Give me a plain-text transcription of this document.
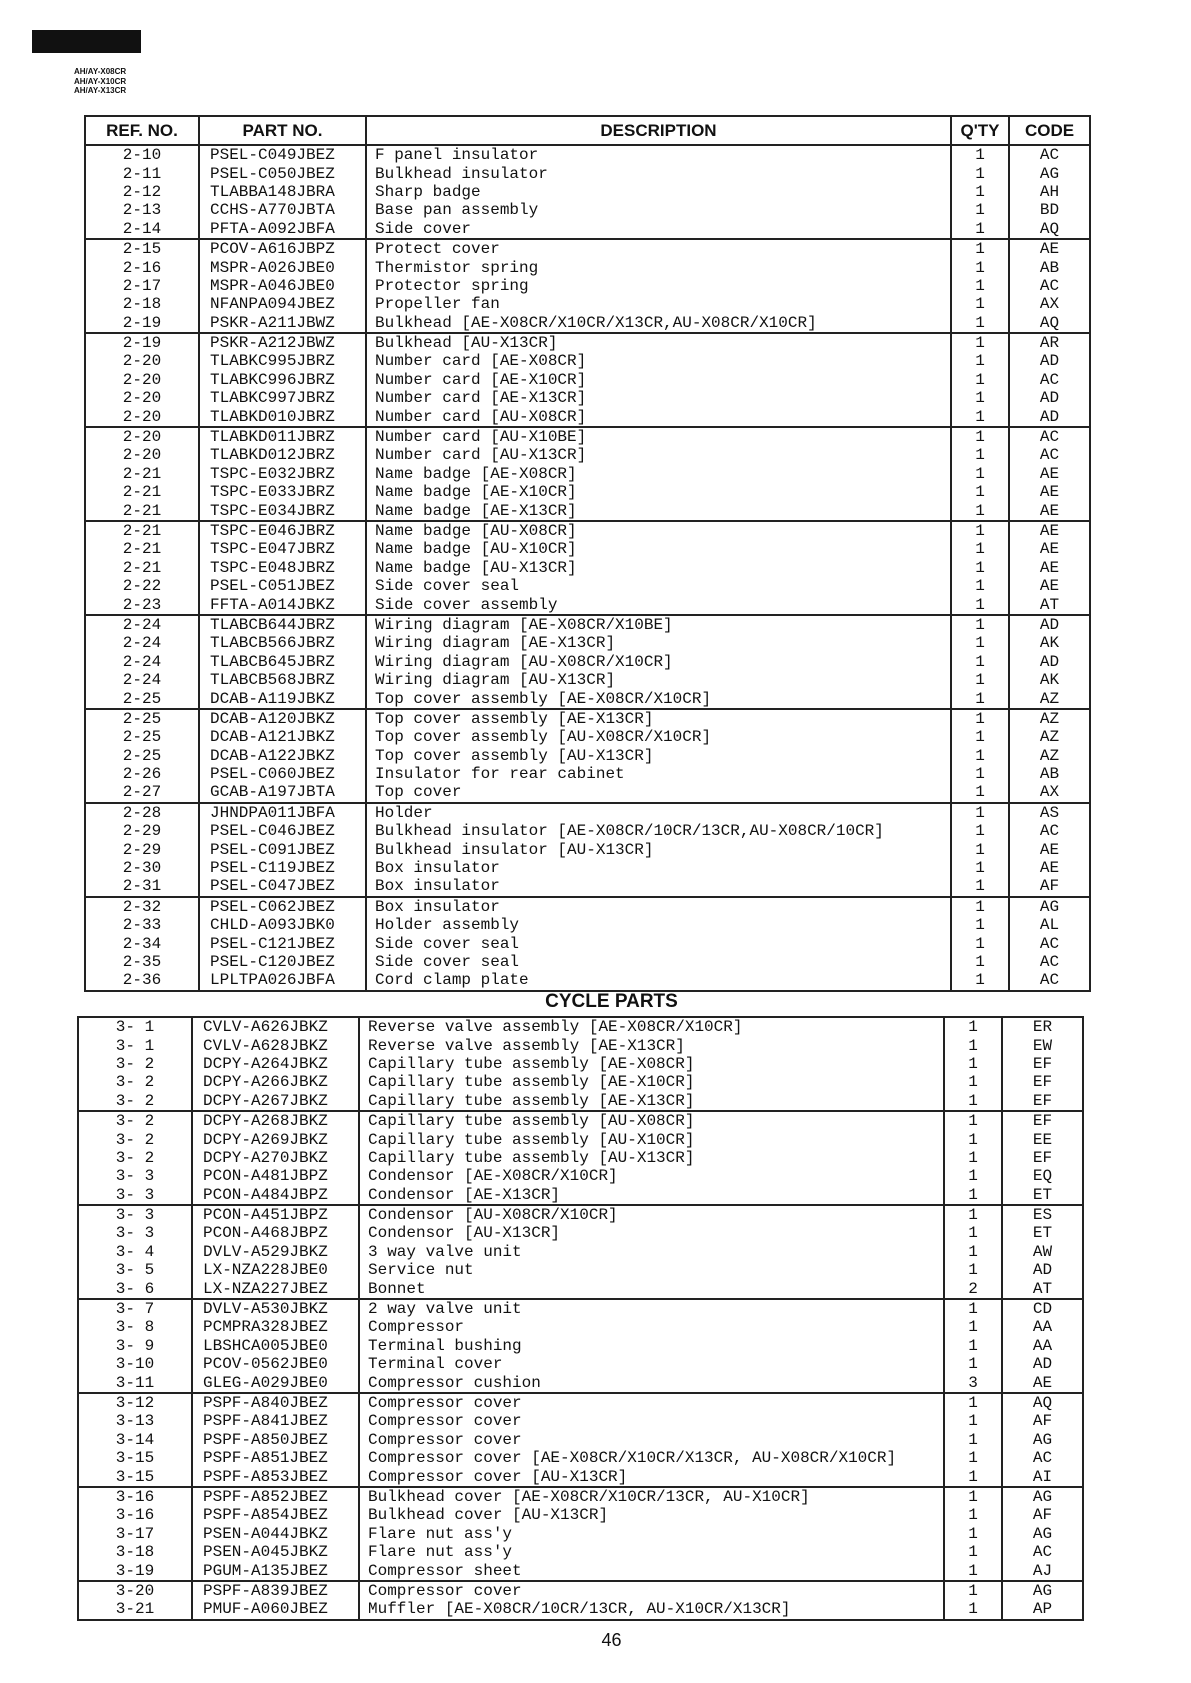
AH/AY-X08CR
AH/AY-X10CR
AH/AY-X13CR
REF. NO.	PART NO.	DESCRIPTION	Q'TY	CODE
2-10	PSEL-C049JBEZ	F panel insulator	1	AC
2-11	PSEL-C050JBEZ	Bulkhead insulator	1	AG
2-12	TLABBA148JBRA	Sharp badge	1	AH
2-13	CCHS-A770JBTA	Base pan assembly	1	BD
2-14	PFTA-A092JBFA	Side cover	1	AQ
2-15	PCOV-A616JBPZ	Protect cover	1	AE
2-16	MSPR-A026JBE0	Thermistor spring	1	AB
2-17	MSPR-A046JBE0	Protector spring	1	AC
2-18	NFANPA094JBEZ	Propeller fan	1	AX
2-19	PSKR-A211JBWZ	Bulkhead [AE-X08CR/X10CR/X13CR,AU-X08CR/X10CR]	1	AQ
2-19	PSKR-A212JBWZ	Bulkhead [AU-X13CR]	1	AR
2-20	TLABKC995JBRZ	Number card [AE-X08CR]	1	AD
2-20	TLABKC996JBRZ	Number card [AE-X10CR]	1	AC
2-20	TLABKC997JBRZ	Number card [AE-X13CR]	1	AD
2-20	TLABKD010JBRZ	Number card [AU-X08CR]	1	AD
2-20	TLABKD011JBRZ	Number card [AU-X10BE]	1	AC
2-20	TLABKD012JBRZ	Number card [AU-X13CR]	1	AC
2-21	TSPC-E032JBRZ	Name badge [AE-X08CR]	1	AE
2-21	TSPC-E033JBRZ	Name badge [AE-X10CR]	1	AE
2-21	TSPC-E034JBRZ	Name badge [AE-X13CR]	1	AE
2-21	TSPC-E046JBRZ	Name badge [AU-X08CR]	1	AE
2-21	TSPC-E047JBRZ	Name badge [AU-X10CR]	1	AE
2-21	TSPC-E048JBRZ	Name badge [AU-X13CR]	1	AE
2-22	PSEL-C051JBEZ	Side cover seal	1	AE
2-23	FFTA-A014JBKZ	Side cover assembly	1	AT
2-24	TLABCB644JBRZ	Wiring diagram [AE-X08CR/X10BE]	1	AD
2-24	TLABCB566JBRZ	Wiring diagram [AE-X13CR]	1	AK
2-24	TLABCB645JBRZ	Wiring diagram [AU-X08CR/X10CR]	1	AD
2-24	TLABCB568JBRZ	Wiring diagram [AU-X13CR]	1	AK
2-25	DCAB-A119JBKZ	Top cover assembly [AE-X08CR/X10CR]	1	AZ
2-25	DCAB-A120JBKZ	Top cover assembly [AE-X13CR]	1	AZ
2-25	DCAB-A121JBKZ	Top cover assembly [AU-X08CR/X10CR]	1	AZ
2-25	DCAB-A122JBKZ	Top cover assembly [AU-X13CR]	1	AZ
2-26	PSEL-C060JBEZ	Insulator for rear cabinet	1	AB
2-27	GCAB-A197JBTA	Top cover	1	AX
2-28	JHNDPA011JBFA	Holder	1	AS
2-29	PSEL-C046JBEZ	Bulkhead insulator [AE-X08CR/10CR/13CR,AU-X08CR/10CR]	1	AC
2-29	PSEL-C091JBEZ	Bulkhead insulator [AU-X13CR]	1	AE
2-30	PSEL-C119JBEZ	Box insulator	1	AE
2-31	PSEL-C047JBEZ	Box insulator	1	AF
2-32	PSEL-C062JBEZ	Box insulator	1	AG
2-33	CHLD-A093JBK0	Holder assembly	1	AL
2-34	PSEL-C121JBEZ	Side cover seal	1	AC
2-35	PSEL-C120JBEZ	Side cover seal	1	AC
2-36	LPLTPA026JBFA	Cord clamp plate	1	AC
CYCLE PARTS
3- 1	CVLV-A626JBKZ	Reverse valve assembly [AE-X08CR/X10CR]	1	ER
3- 1	CVLV-A628JBKZ	Reverse valve assembly [AE-X13CR]	1	EW
3- 2	DCPY-A264JBKZ	Capillary tube assembly [AE-X08CR]	1	EF
3- 2	DCPY-A266JBKZ	Capillary tube assembly [AE-X10CR]	1	EF
3- 2	DCPY-A267JBKZ	Capillary tube assembly [AE-X13CR]	1	EF
3- 2	DCPY-A268JBKZ	Capillary tube assembly [AU-X08CR]	1	EF
3- 2	DCPY-A269JBKZ	Capillary tube assembly [AU-X10CR]	1	EE
3- 2	DCPY-A270JBKZ	Capillary tube assembly [AU-X13CR]	1	EF
3- 3	PCON-A481JBPZ	Condensor [AE-X08CR/X10CR]	1	EQ
3- 3	PCON-A484JBPZ	Condensor [AE-X13CR]	1	ET
3- 3	PCON-A451JBPZ	Condensor [AU-X08CR/X10CR]	1	ES
3- 3	PCON-A468JBPZ	Condensor [AU-X13CR]	1	ET
3- 4	DVLV-A529JBKZ	3 way valve unit	1	AW
3- 5	LX-NZA228JBE0	Service nut	1	AD
3- 6	LX-NZA227JBEZ	Bonnet	2	AT
3- 7	DVLV-A530JBKZ	2 way valve unit	1	CD
3- 8	PCMPRA328JBEZ	Compressor	1	AA
3- 9	LBSHCA005JBE0	Terminal bushing	1	AA
3-10	PCOV-0562JBE0	Terminal cover	1	AD
3-11	GLEG-A029JBE0	Compressor cushion	3	AE
3-12	PSPF-A840JBEZ	Compressor cover	1	AQ
3-13	PSPF-A841JBEZ	Compressor cover	1	AF
3-14	PSPF-A850JBEZ	Compressor cover	1	AG
3-15	PSPF-A851JBEZ	Compressor cover [AE-X08CR/X10CR/X13CR, AU-X08CR/X10CR]	1	AC
3-15	PSPF-A853JBEZ	Compressor cover [AU-X13CR]	1	AI
3-16	PSPF-A852JBEZ	Bulkhead cover [AE-X08CR/X10CR/13CR, AU-X10CR]	1	AG
3-16	PSPF-A854JBEZ	Bulkhead cover [AU-X13CR]	1	AF
3-17	PSEN-A044JBKZ	Flare nut ass'y	1	AG
3-18	PSEN-A045JBKZ	Flare nut ass'y	1	AC
3-19	PGUM-A135JBEZ	Compressor sheet	1	AJ
3-20	PSPF-A839JBEZ	Compressor cover	1	AG
3-21	PMUF-A060JBEZ	Muffler [AE-X08CR/10CR/13CR, AU-X10CR/X13CR]	1	AP
46
